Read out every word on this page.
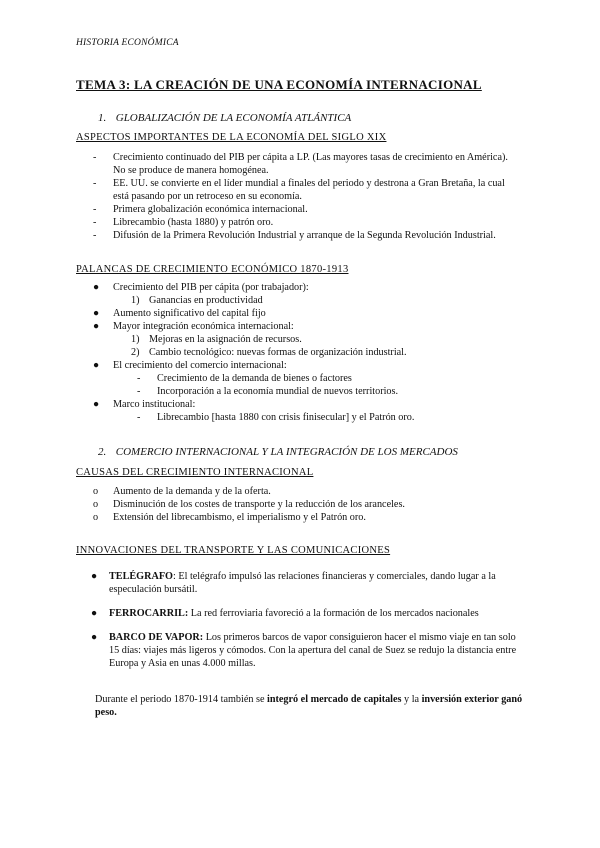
HISTORIA ECONÓMICA
TEMA 3: LA CREACIÓN DE UNA ECONOMÍA INTERNACIONAL
1. GLOBALIZACIÓN DE LA ECONOMÍA ATLÁNTICA
ASPECTOS IMPORTANTES DE LA ECONOMÍA DEL SIGLO XIX
- Crecimiento continuado del PIB per cápita a LP. (Las mayores tasas de crecimiento en América). No se produce de manera homogénea.
- EE. UU. se convierte en el líder mundial a finales del periodo y destrona a Gran Bretaña, la cual está pasando por un retroceso en su economía.
- Primera globalización económica internacional.
- Librecambio (hasta 1880) y patrón oro.
- Difusión de la Primera Revolución Industrial y arranque de la Segunda Revolución Industrial.
PALANCAS DE CRECIMIENTO ECONÓMICO 1870-1913
● Crecimiento del PIB per cápita (por trabajador):
1) Ganancias en productividad
● Aumento significativo del capital fijo
● Mayor integración económica internacional:
1) Mejoras en la asignación de recursos.
2) Cambio tecnológico: nuevas formas de organización industrial.
● El crecimiento del comercio internacional:
- Crecimiento de la demanda de bienes o factores
- Incorporación a la economía mundial de nuevos territorios.
● Marco institucional:
- Librecambio [hasta 1880 con crisis finisecular] y el Patrón oro.
2. COMERCIO INTERNACIONAL Y LA INTEGRACIÓN DE LOS MERCADOS
CAUSAS DEL CRECIMIENTO INTERNACIONAL
o Aumento de la demanda y de la oferta.
o Disminución de los costes de transporte y la reducción de los aranceles.
o Extensión del librecambismo, el imperialismo y el Patrón oro.
INNOVACIONES DEL TRANSPORTE Y LAS COMUNICACIONES
● TELÉGRAFO: El telégrafo impulsó las relaciones financieras y comerciales, dando lugar a la especulación bursátil.
● FERROCARRIL: La red ferroviaria favoreció a la formación de los mercados nacionales
● BARCO DE VAPOR: Los primeros barcos de vapor consiguieron hacer el mismo viaje en tan solo 15 días: viajes más ligeros y cómodos. Con la apertura del canal de Suez se redujo la distancia entre Europa y Asia en unas 4.000 millas.
Durante el periodo 1870-1914 también se integró el mercado de capitales y la inversión exterior ganó peso.
